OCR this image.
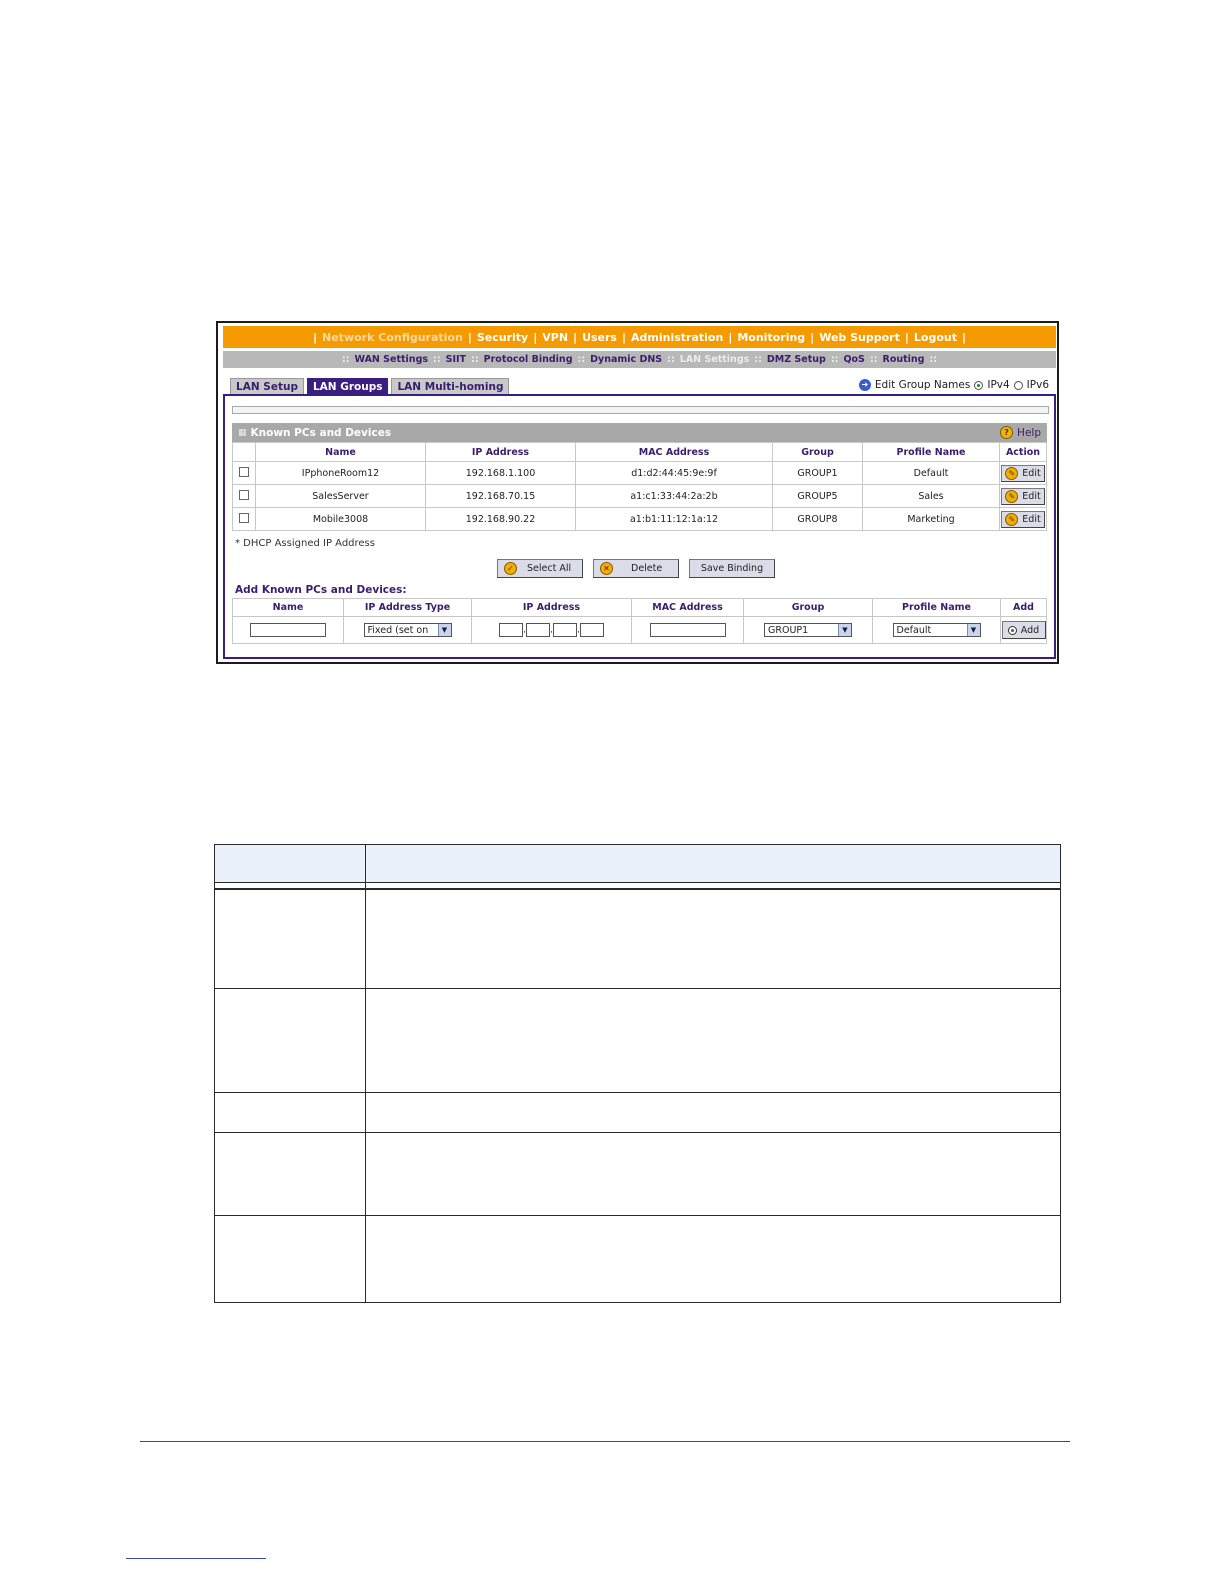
| Network Configuration | Security | VPN | Users | Administration | Monitoring | Web Support | Logout |
:: WAN Settings :: SIIT :: Protocol Binding :: Dynamic DNS :: LAN Settings :: DMZ Setup :: QoS :: Routing ::
LAN Setup	LAN Groups	LAN Multi-homing	➜ Edit Group Names IPv4 IPv6
▦ Known PCs and Devices	? Help
	Name	IP Address	MAC Address	Group	Profile Name	Action
	IPphoneRoom12	192.168.1.100	d1:d2:44:45:9e:9f	GROUP1	Default	✎ Edit

	SalesServer	192.168.70.15	a1:c1:33:44:2a:2b	GROUP5	Sales	✎ Edit

	Mobile3008	192.168.90.22	a1:b1:11:12:1a:12	GROUP8	Marketing	✎ Edit
* DHCP Assigned IP Address
✓	Select All	✕	Delete	Save Binding
Add Known PCs and Devices:
Name	IP Address Type	IP Address	MAC Address	Group	Profile Name	Add

	Fixed (set on ▼	. . .		GROUP1 ▼	Default ▼	Add
